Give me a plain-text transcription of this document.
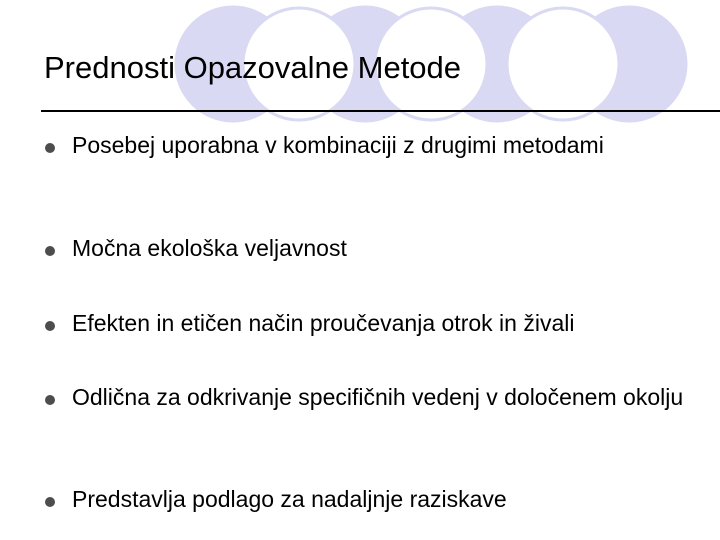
Prednosti Opazovalne Metode
Posebej uporabna v kombinaciji z drugimi metodami
Močna ekološka veljavnost
Efekten in etičen način proučevanja otrok in živali
Odlična za odkrivanje specifičnih vedenj v določenem okolju
Predstavlja podlago za nadaljnje raziskave
